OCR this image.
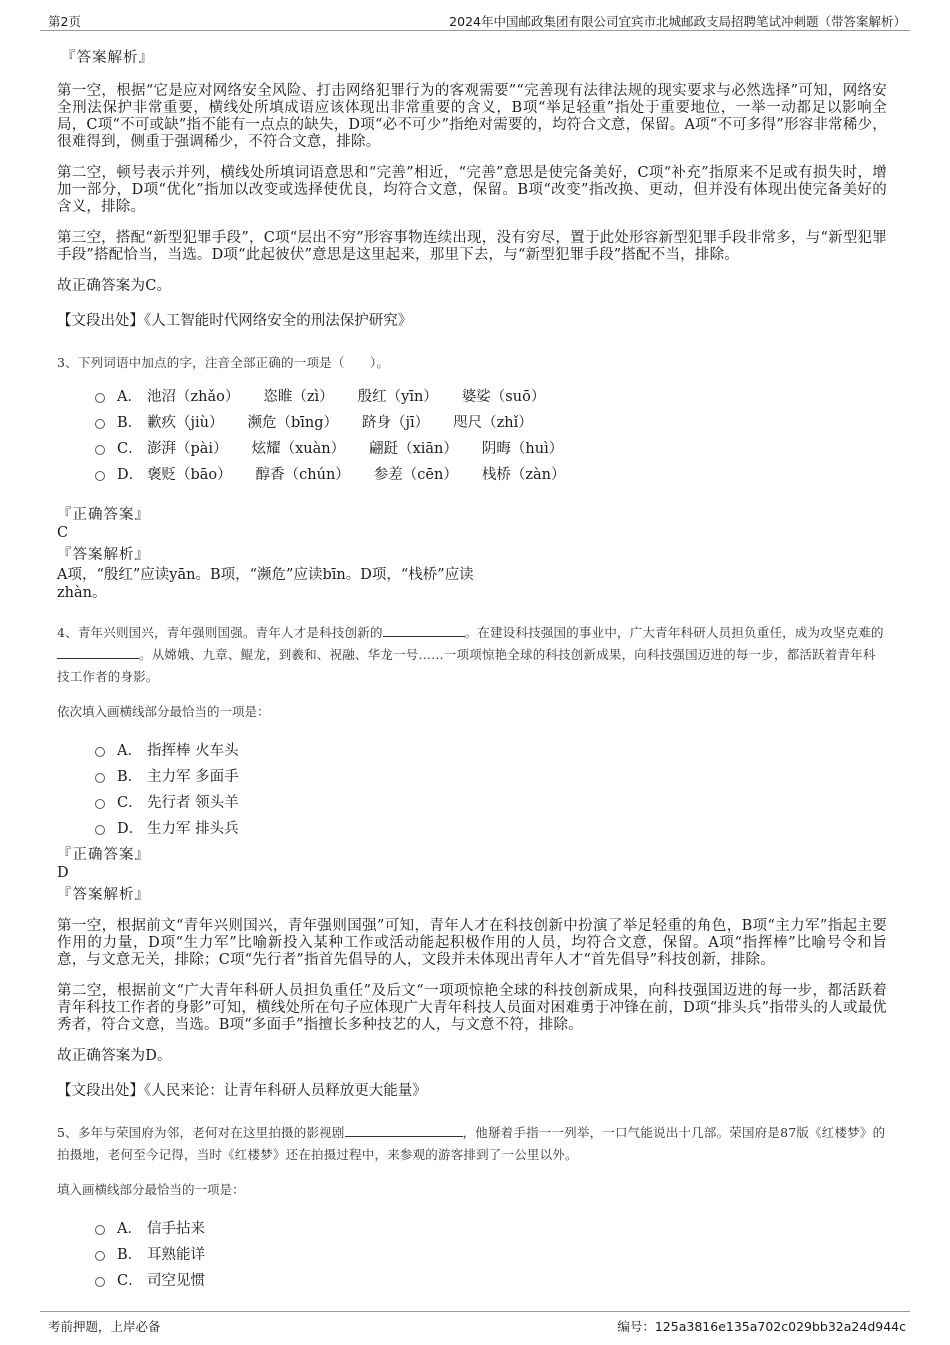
第2页	2024年中国邮政集团有限公司宜宾市北城邮政支局招聘笔试冲刺题（带答案解析）
『答案解析』

第一空，根据“它是应对网络安全风险、打击网络犯罪行为的客观需要”“完善现有法律法规的现实要求与必然选择”可知，网络安全刑法保护非常重要，横线处所填成语应该体现出非常重要的含义，B项“举足轻重”指处于重要地位，一举一动都足以影响全局，C项“不可或缺”指不能有一点点的缺失，D项“必不可少”指绝对需要的，均符合文意，保留。A项“不可多得”形容非常稀少，很难得到，侧重于强调稀少，不符合文意，排除。

第二空，顿号表示并列，横线处所填词语意思和“完善”相近，“完善”意思是使完备美好，C项“补充”指原来不足或有损失时，增加一部分，D项“优化”指加以改变或选择使优良，均符合文意，保留。B项“改变”指改换、更动，但并没有体现出使完备美好的含义，排除。

第三空，搭配“新型犯罪手段”，C项“层出不穷”形容事物连续出现，没有穷尽，置于此处形容新型犯罪手段非常多，与“新型犯罪手段”搭配恰当，当选。D项“此起彼伏”意思是这里起来，那里下去，与“新型犯罪手段”搭配不当，排除。

故正确答案为C。

【文段出处】《人工智能时代网络安全的刑法保护研究》
3、下列词语中加点的字，注音全部正确的一项是（　　）。
A． 池沼（zhǎo） 恣睢（zì） 殷红（yīn） 婆娑（suō）
B． 歉疚（jiù） 濒危（bīng） 跻身（jī） 咫尺（zhǐ）
C． 澎湃（pài） 炫耀（xuàn） 翩跹（xiān） 阴晦（huì）
D． 褒贬（bāo） 醇香（chún） 参差（cēn） 栈桥（zàn）
『正确答案』
C
『答案解析』
A项，“殷红”应读yān。B项，“濒危”应读bīn。D项，“栈桥”应读zhàn。
4、青年兴则国兴，青年强则国强。青年人才是科技创新的	。在建设科技强国的事业中，广大青年科研人员担负重任，成为攻坚克难的。从嫦娥、九章、鲲龙，到羲和、祝融、华龙一号……一项项惊艳全球的科技创新成果，向科技强国迈进的每一步，都活跃着青年科技工作者的身影。
依次填入画横线部分最恰当的一项是：
A． 指挥棒 火车头
B． 主力军 多面手
C． 先行者 领头羊
D． 生力军 排头兵
『正确答案』
D
『答案解析』

第一空，根据前文“青年兴则国兴，青年强则国强”可知，青年人才在科技创新中扮演了举足轻重的角色，B项“主力军”指起主要作用的力量，D项“生力军”比喻新投入某种工作或活动能起积极作用的人员，均符合文意，保留。A项“指挥棒”比喻号令和旨意，与文意无关，排除；C项“先行者”指首先倡导的人，文段并未体现出青年人才“首先倡导”科技创新，排除。

第二空，根据前文“广大青年科研人员担负重任”及后文“一项项惊艳全球的科技创新成果，向科技强国迈进的每一步，都活跃着青年科技工作者的身影”可知，横线处所在句子应体现广大青年科技人员面对困难勇于冲锋在前，D项“排头兵”指带头的人或最优秀者，符合文意，当选。B项“多面手”指擅长多种技艺的人，与文意不符，排除。

故正确答案为D。

【文段出处】《人民来论：让青年科研人员释放更大能量》
5、多年与荣国府为邻，老何对在这里拍摄的影视剧	，他掰着手指一一列举，一口气能说出十几部。荣国府是87版《红楼梦》的拍摄地，老何至今记得，当时《红楼梦》还在拍摄过程中，来参观的游客排到了一公里以外。
填入画横线部分最恰当的一项是：
A． 信手拈来
B． 耳熟能详
C． 司空见惯
考前押题，上岸必备	编号：125a3816e135a702c029bb32a24d944c
